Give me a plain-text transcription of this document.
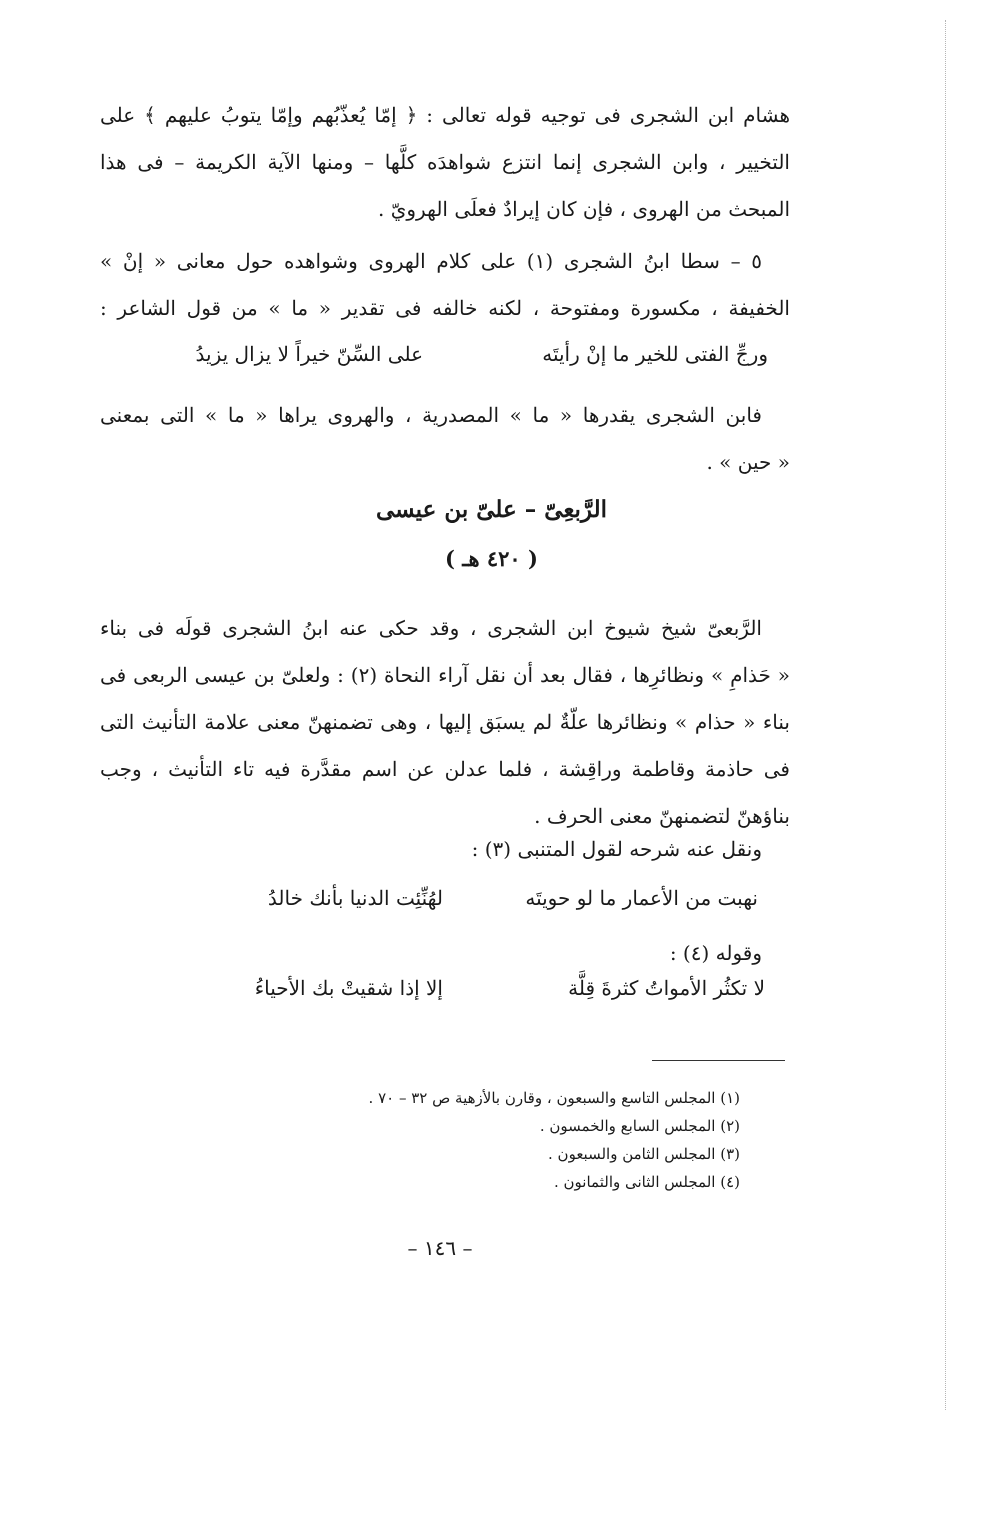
هشام ابن الشجرى فى توجيه قوله تعالى : ﴿ إمّا يُعذّبُهم وإمّا يتوبُ عليهم ﴾ على
التخيير ، وابن الشجرى إنما انتزع شواهدَه كلَّها – ومنها الآية الكريمة – فى هذا
المبحث من الهروى ، فإن كان إيرادٌ فعلَى الهرويّ .
٥ – سطا ابنُ الشجرى (١) على كلام الهروى وشواهده حول معانى « إنْ »
الخفيفة ، مكسورة ومفتوحة ، لكنه خالفه فى تقدير « ما » من قول الشاعر :
ورجِّ الفتى للخير ما إنْ رأيتَه
على السِّنّ خيراً لا يزال يزيدُ
فابن الشجرى يقدرها « ما » المصدرية ، والهروى يراها « ما » التى بمعنى
« حين » .
الرَّبعِىّ – علىّ بن عيسى
( ٤٢٠ هـ )
الرَّبعىّ شيخ شيوخ ابن الشجرى ، وقد حكى عنه ابنُ الشجرى قولَه فى بناء
« حَذامِ » ونظائرِها ، فقال بعد أن نقل آراء النحاة (٢) : ولعلىّ بن عيسى الربعى فى
بناء « حذام » ونظائرها علّةٌ لم يسبَق إليها ، وهى تضمنهنّ معنى علامة التأنيث التى
فى حاذمة وقاطمة وراقِشة ، فلما عدلن عن اسم مقدَّرة فيه تاء التأنيث ، وجب
بناؤهنّ لتضمنهنّ معنى الحرف .
ونقل عنه شرحه لقول المتنبى (٣) :
نهبت من الأعمار ما لو حويتَه
لهُنِّئِت الدنيا بأنك خالدُ
وقوله (٤) :
لا تكثُر الأمواتُ كثرةَ قِلَّة
إلا إذا شقيتْ بك الأحياءُ
(١) المجلس التاسع والسبعون ، وقارن بالأزهية ص ٣٢ – ٧٠ .
(٢) المجلس السابع والخمسون .
(٣) المجلس الثامن والسبعون .
(٤) المجلس الثانى والثمانون .
– ١٤٦ –
